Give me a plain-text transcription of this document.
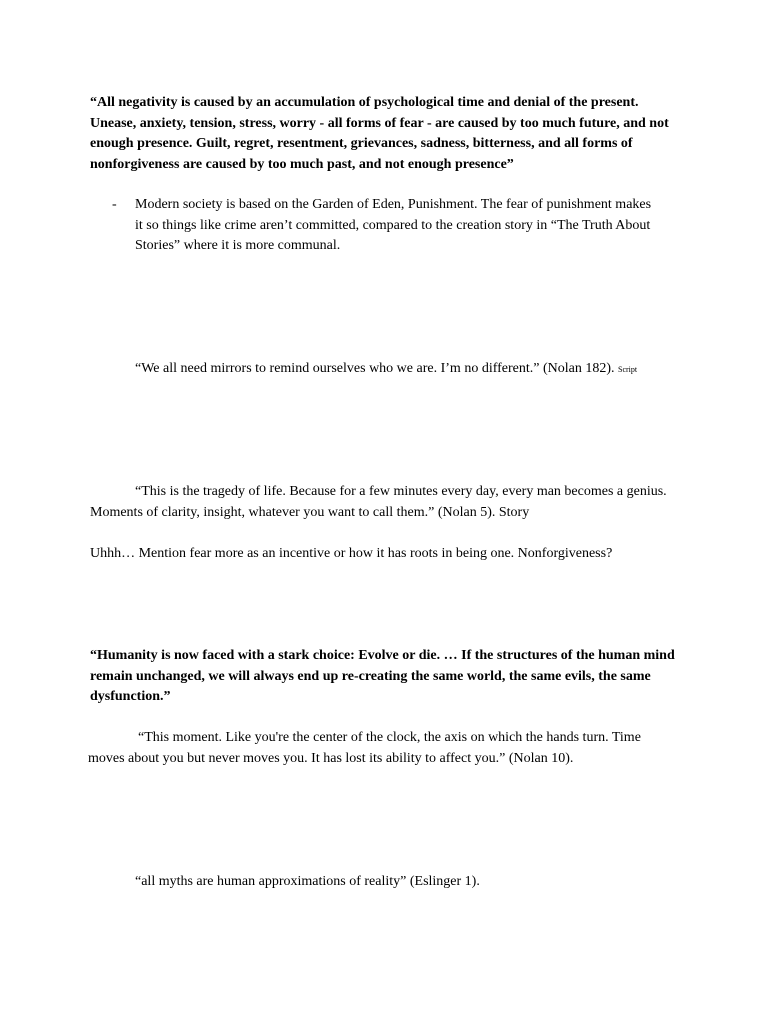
“All negativity is caused by an accumulation of psychological time and denial of the present. Unease, anxiety, tension, stress, worry - all forms of fear - are caused by too much future, and not enough presence. Guilt, regret, resentment, grievances, sadness, bitterness, and all forms of nonforgiveness are caused by too much past, and not enough presence”

- Modern society is based on the Garden of Eden, Punishment. The fear of punishment makes it so things like crime aren’t committed, compared to the creation story in “The Truth About Stories” where it is more communal.

“We all need mirrors to remind ourselves who we are. I’m no different.” (Nolan 182). Script

“This is the tragedy of life. Because for a few minutes every day, every man becomes a genius. Moments of clarity, insight, whatever you want to call them.” (Nolan 5). Story

Uhhh… Mention fear more as an incentive or how it has roots in being one. Nonforgiveness?

“Humanity is now faced with a stark choice: Evolve or die. … If the structures of the human mind remain unchanged, we will always end up re-creating the same world, the same evils, the same dysfunction.”

“This moment. Like you're the center of the clock, the axis on which the hands turn. Time moves about you but never moves you. It has lost its ability to affect you.” (Nolan 10).

“all myths are human approximations of reality” (Eslinger 1).
